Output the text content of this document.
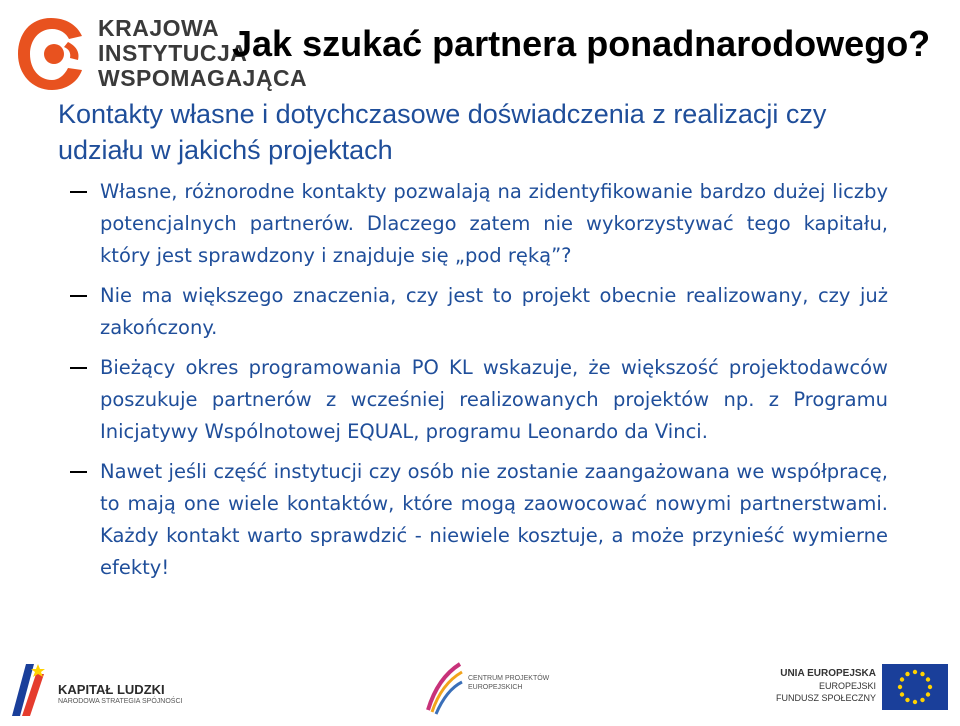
KRAJOWA
INSTYTUCJA
WSPOMAGAJĄCA
Jak szukać partnera ponadnarodowego?

Kontakty własne i dotychczasowe doświadczenia z realizacji czy udziału w jakichś projektach

Własne, różnorodne kontakty pozwalają na zidentyfikowanie bardzo dużej liczby potencjalnych partnerów. Dlaczego zatem nie wykorzystywać tego kapitału, który jest sprawdzony i znajduje się „pod ręką”?
Nie ma większego znaczenia, czy jest to projekt obecnie realizowany, czy już zakończony.
Bieżący okres programowania PO KL wskazuje, że większość projektodawców poszukuje partnerów z wcześniej realizowanych projektów np. z Programu Inicjatywy Wspólnotowej EQUAL, programu Leonardo da Vinci.
Nawet jeśli część instytucji czy osób nie zostanie zaangażowana we współpracę, to mają one wiele kontaktów, które mogą zaowocować nowymi partnerstwami. Każdy kontakt warto sprawdzić - niewiele kosztuje, a może przynieść wymierne efekty!
KAPITAŁ LUDZKI
NARODOWA STRATEGIA SPÓJNOŚCI
CENTRUM PROJEKTÓW
EUROPEJSKICH
UNIA EUROPEJSKA
EUROPEJSKI
FUNDUSZ SPOŁECZNY
